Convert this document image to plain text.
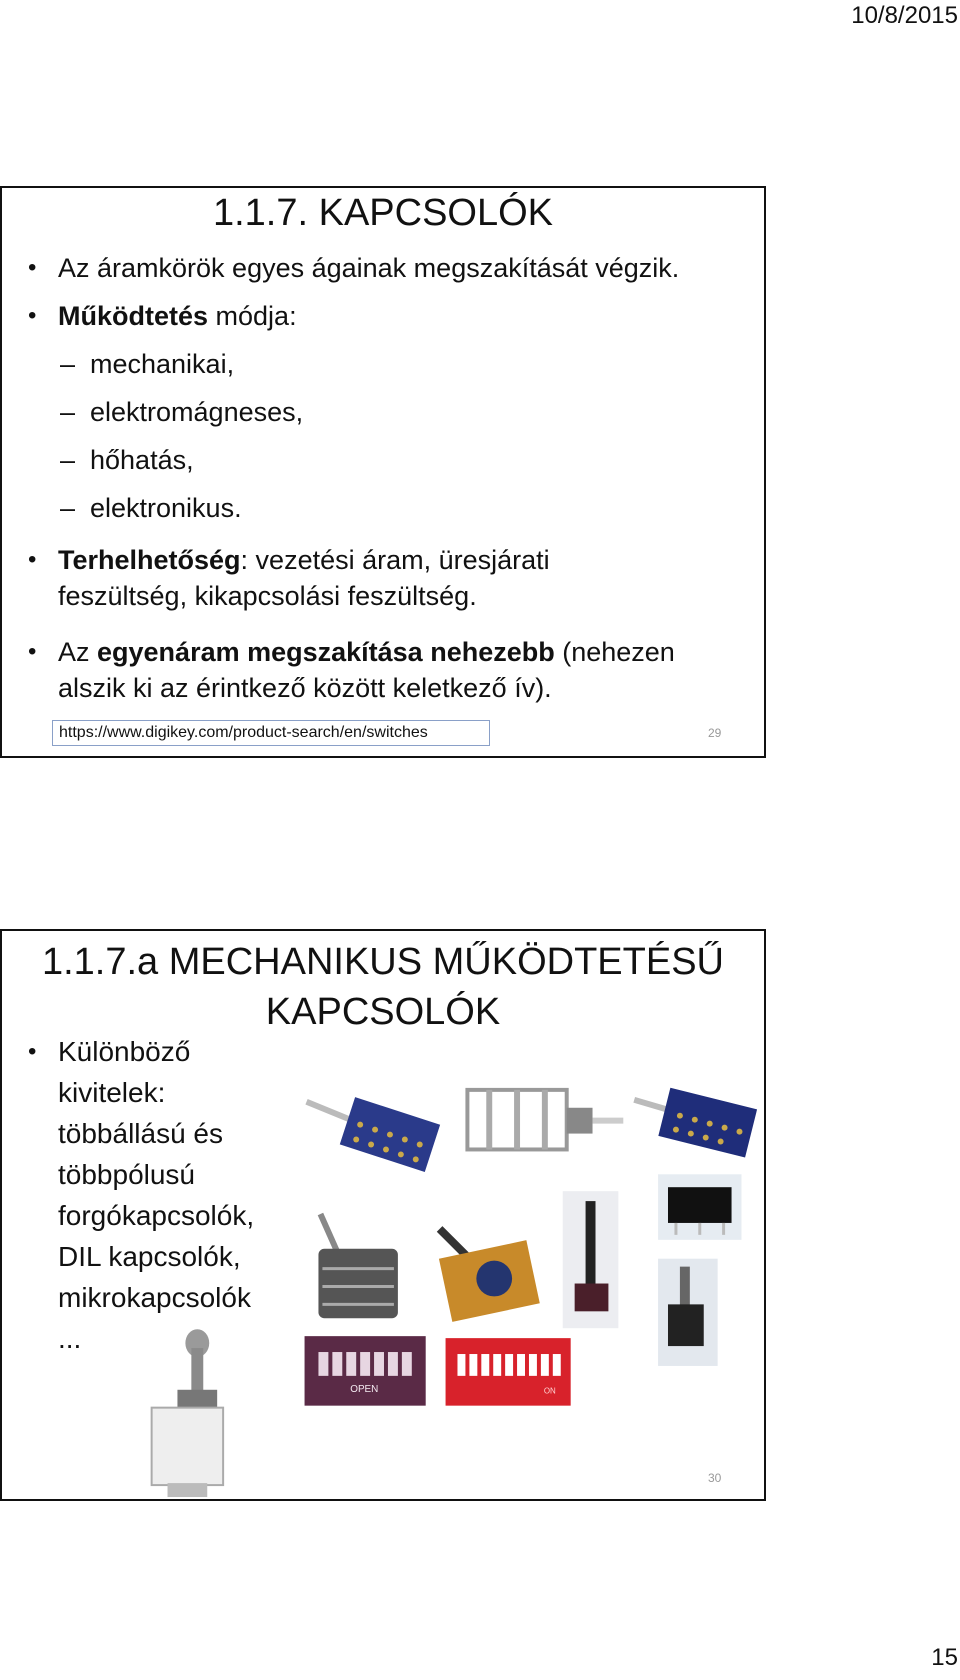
10/8/2015
1.1.7. KAPCSOLÓK
• Az áramkörök egyes ágainak megszakítását végzik.
• Működtetés módja:
– mechanikai,
– elektromágneses,
– hőhatás,
– elektronikus.
• Terhelhetőség: vezetési áram, üresjárati
feszültség, kikapcsolási feszültség.
• Az egyenáram megszakítása nehezebb (nehezen
alszik ki az érintkező között keletkező ív).
https://www.digikey.com/product-search/en/switches	29
1.1.7.a MECHANIKUS MŰKÖDTETÉSŰ
KAPCSOLÓK
• Különböző
kivitelek:
többállású és
többpólusú
forgókapcsolók,
DIL kapcsolók,
mikrokapcsolók
...
OPEN	ON
30
15
